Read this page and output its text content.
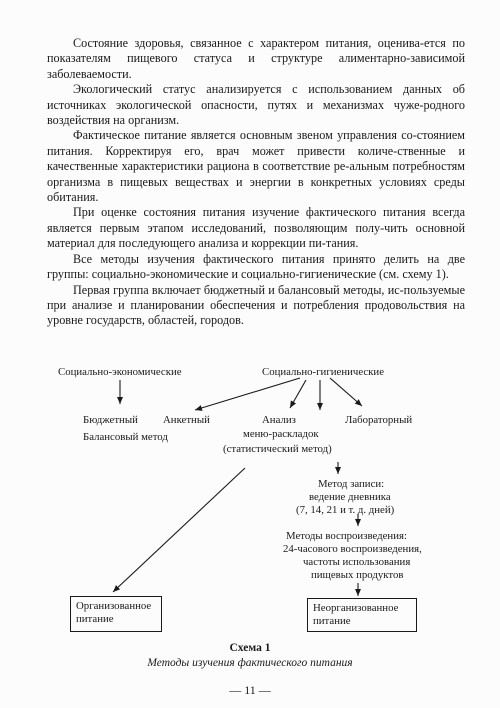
Состояние здоровья, связанное с характером питания, оценива-ется по показателям пищевого статуса и структуре алиментарно-зависимой заболеваемости.

Экологический статус анализируется с использованием данных об источниках экологической опасности, путях и механизмах чуже-родного воздействия на организм.

Фактическое питание является основным звеном управления со-стоянием питания. Корректируя его, врач может привести количе-ственные и качественные характеристики рациона в соответствие ре-альным потребностям организма в пищевых веществах и энергии в конкретных условиях среды обитания.

При оценке состояния питания изучение фактического питания всегда является первым этапом исследований, позволяющим полу-чить основной материал для последующего анализа и коррекции пи-тания.

Все методы изучения фактического питания принято делить на две группы: социально-экономические и социально-гигиенические (см. схему 1).

Первая группа включает бюджетный и балансовый методы, ис-пользуемые при анализе и планировании обеспечения и потребления продовольствия на уровне государств, областей, городов.

Социально-экономические	Социально-гигиенические
Бюджетный
Балансовый метод
Анкетный	Анализ
меню-раскладок
(статистический метод)
Лабораторный
Метод записи:
ведение дневника
(7, 14, 21 и т. д. дней)
Методы воспроизведения:
24-часового воспроизведения,
частоты использования
пищевых продуктов
Организованное
питание
Неорганизованное
питание
Схема 1
Методы изучения фактического питания
— 11 —
